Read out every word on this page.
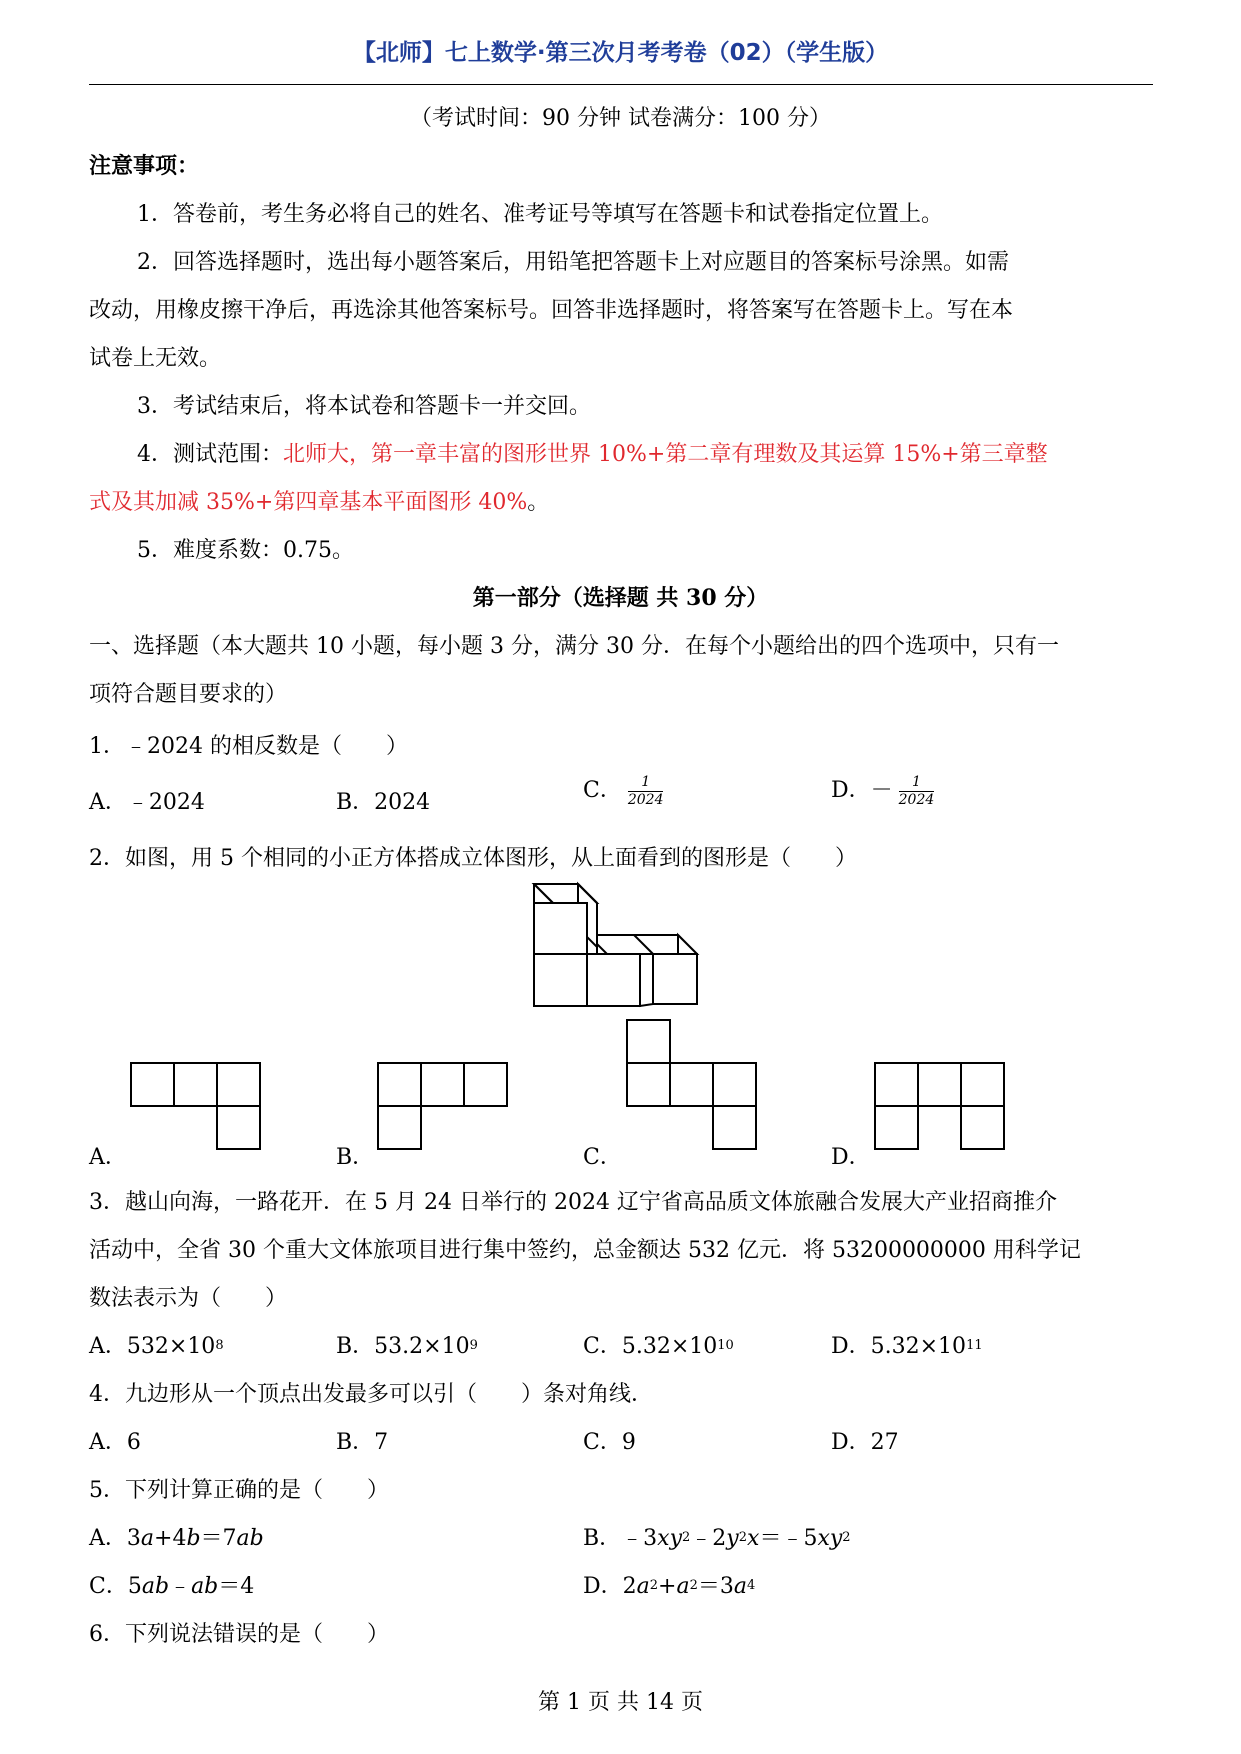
【北师】七上数学·第三次月考考卷（02）（学生版）
（考试时间：90 分钟 试卷满分：100 分）
注意事项：
1．答卷前，考生务必将自己的姓名、准考证号等填写在答题卡和试卷指定位置上。
2．回答选择题时，选出每小题答案后，用铅笔把答题卡上对应题目的答案标号涂黑。如需
改动，用橡皮擦干净后，再选涂其他答案标号。回答非选择题时，将答案写在答题卡上。写在本
试卷上无效。
3．考试结束后，将本试卷和答题卡一并交回。
4．测试范围：北师大，第一章丰富的图形世界 10%+第二章有理数及其运算 15%+第三章整
式及其加减 35%+第四章基本平面图形 40%。
5．难度系数：0.75。
第一部分（选择题 共 30 分）
一、选择题（本大题共 10 小题，每小题 3 分，满分 30 分．在每个小题给出的四个选项中，只有一
项符合题目要求的）
1．﹣2024 的相反数是（　　）
A．﹣2024	B．2024	C． $\frac{1}{2024}$	D．－ $\frac{1}{2024}$
2．如图，用 5 个相同的小正方体搭成立体图形，从上面看到的图形是（　　）
A．	B．	C．	D．
3．越山向海，一路花开．在 5 月 24 日举行的 2024 辽宁省高品质文体旅融合发展大产业招商推介
活动中，全省 30 个重大文体旅项目进行集中签约，总金额达 532 亿元．将 53200000000 用科学记
数法表示为（　　）
A．$532\times 10^8$	B．$53.2\times 10^9$	C．$5.32\times 10^{10}$	D．$5.32\times 10^{11}$
4．九边形从一个顶点出发最多可以引（　　）条对角线．
A．6	B．7	C．9	D．27
5．下列计算正确的是（　　）
A．3a+4b＝7ab	B．$﹣3xy^2﹣2y^2x=﹣5xy^2$
C．5ab﹣ab＝4	D．$2a^2+a^2=3a^4$
6．下列说法错误的是（　　）
第 1 页 共 14 页
